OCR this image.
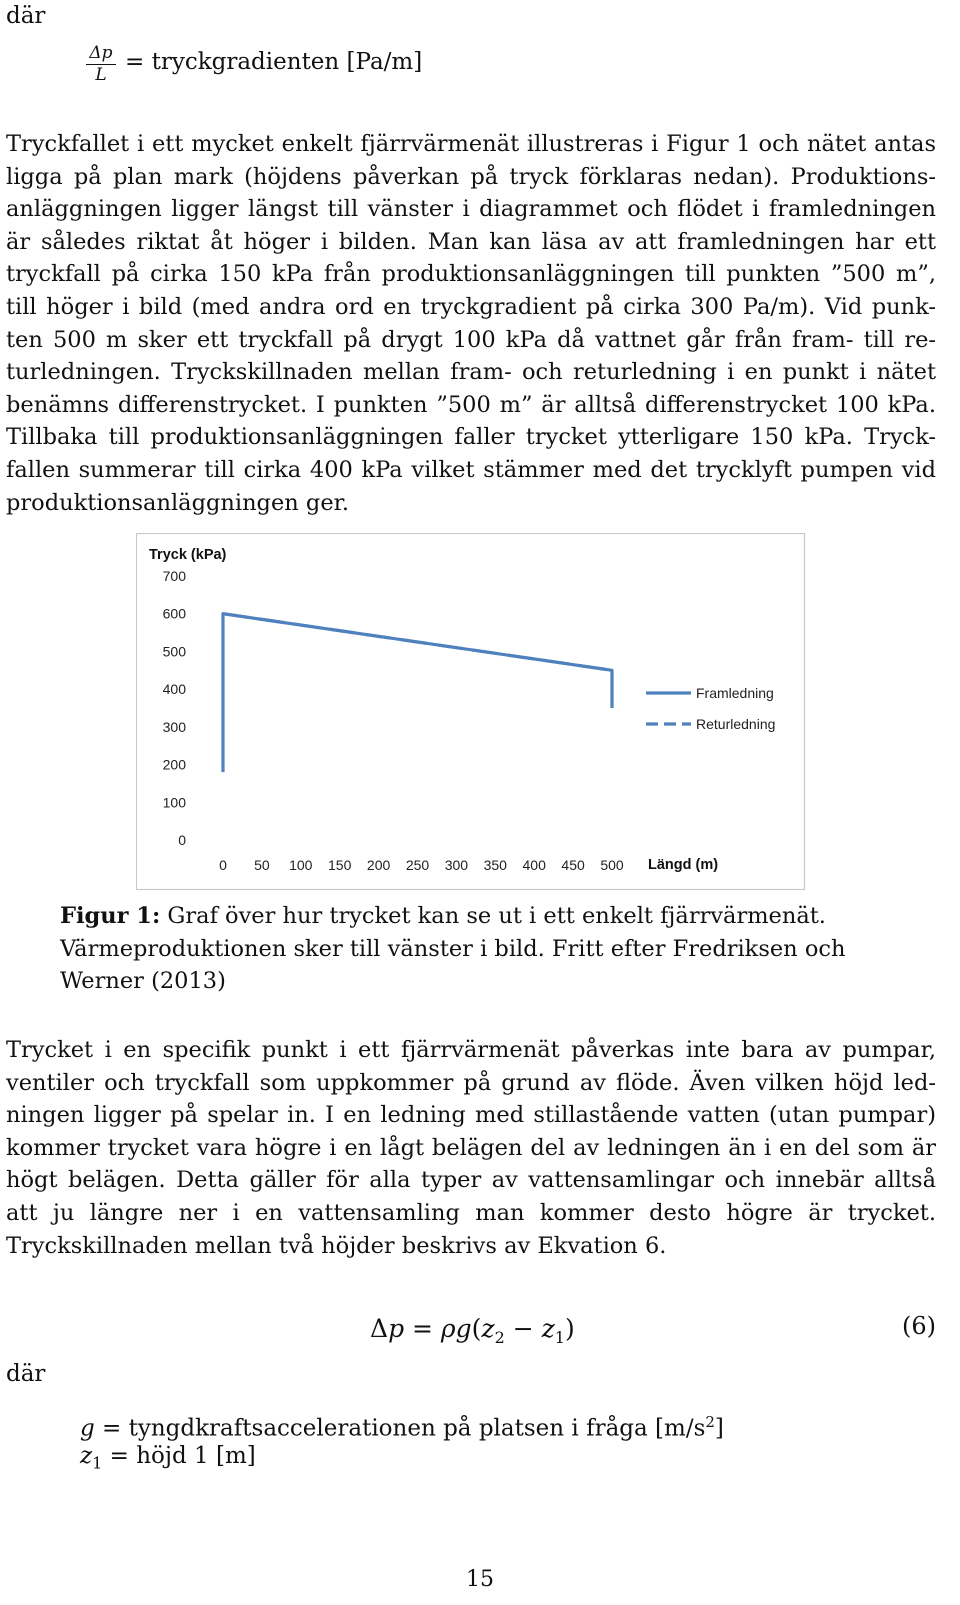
där
Δp
L
= tryckgradienten [Pa/m]
Tryckfallet i ett mycket enkelt fjärrvärmenät illustreras i Figur 1 och nätet antas ligga på plan mark (höjdens påverkan på tryck förklaras nedan). Produktions-anläggningen ligger längst till vänster i diagrammet och flödet i framledningen är således riktat åt höger i bilden. Man kan läsa av att framledningen har ett tryckfall på cirka 150 kPa från produktionsanläggningen till punkten ”500 m”, till höger i bild (med andra ord en tryckgradient på cirka 300 Pa/m). Vid punk-ten 500 m sker ett tryckfall på drygt 100 kPa då vattnet går från fram- till re-turledningen. Tryckskillnaden mellan fram- och returledning i en punkt i nätet benämns differenstrycket. I punkten ”500 m” är alltså differenstrycket 100 kPa. Tillbaka till produktionsanläggningen faller trycket ytterligare 150 kPa. Tryck-fallen summerar till cirka 400 kPa vilket stämmer med det trycklyft pumpen vid produktionsanläggningen ger.
Tryck (kPa)
0
100
200
300
400
500
600
700
0 50 100 150 200 250 300 350 400 450 500 Längd (m)
Framledning
Returledning
Figur 1: Graf över hur trycket kan se ut i ett enkelt fjärrvärmenät. Värmeproduktionen sker till vänster i bild. Fritt efter Fredriksen och Werner (2013)
Trycket i en specifik punkt i ett fjärrvärmenät påverkas inte bara av pumpar, ventiler och tryckfall som uppkommer på grund av flöde. Även vilken höjd led-ningen ligger på spelar in. I en ledning med stillastående vatten (utan pumpar) kommer trycket vara högre i en lågt belägen del av ledningen än i en del som är högt belägen. Detta gäller för alla typer av vattensamlingar och innebär alltså att ju längre ner i en vattensamling man kommer desto högre är trycket. Tryckskillnaden mellan två höjder beskrivs av Ekvation 6.
$\Delta p = \rho g(z_2 - z_1)$	(6)
där
g = tyngdkraftsaccelerationen på platsen i fråga $[m/s^2]$
$z_1$ = höjd 1 [m]
15
